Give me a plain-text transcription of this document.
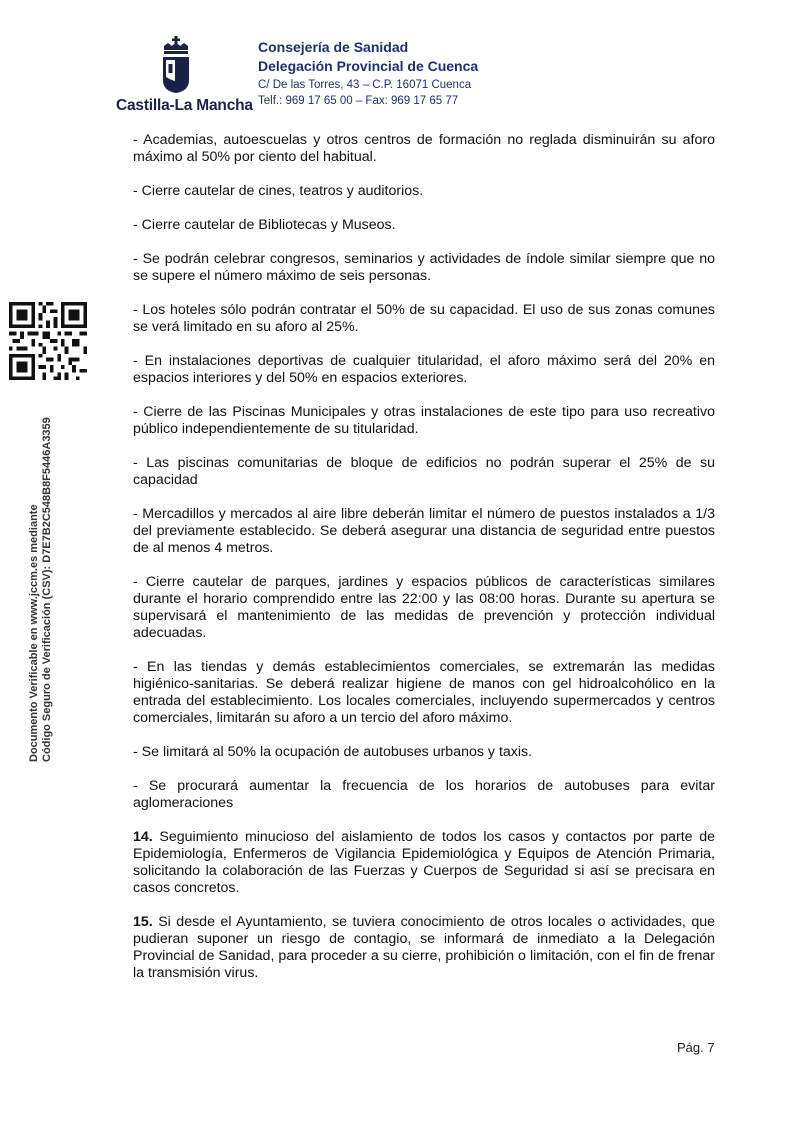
Castilla-La Mancha
Consejería de Sanidad
Delegación Provincial de Cuenca
C/ De las Torres, 43 – C.P. 16071 Cuenca
Telf.: 969 17 65 00 – Fax: 969 17 65 77
Documento Verificable en www.jccm.es mediante Código Seguro de Verificación (CSV): D7E7B2C548B8F5446A3359

- Academias, autoescuelas y otros centros de formación no reglada disminuirán su aforo máximo al 50% por ciento del habitual.

- Cierre cautelar de cines, teatros y auditorios.

- Cierre cautelar de Bibliotecas y Museos.

- Se podrán celebrar congresos, seminarios y actividades de índole similar siempre que no se supere el número máximo de seis personas.

- Los hoteles sólo podrán contratar el 50% de su capacidad. El uso de sus zonas comunes se verá limitado en su aforo al 25%.

- En instalaciones deportivas de cualquier titularidad, el aforo máximo será del 20% en espacios interiores y del 50% en espacios exteriores.

- Cierre de las Piscinas Municipales y otras instalaciones de este tipo para uso recreativo público independientemente de su titularidad.

- Las piscinas comunitarias de bloque de edificios no podrán superar el 25% de su capacidad

- Mercadillos y mercados al aire libre deberán limitar el número de puestos instalados a 1/3 del previamente establecido. Se deberá asegurar una distancia de seguridad entre puestos de al menos 4 metros.

- Cierre cautelar de parques, jardines y espacios públicos de características similares durante el horario comprendido entre las 22:00 y las 08:00 horas. Durante su apertura se supervisará el mantenimiento de las medidas de prevención y protección individual adecuadas.

- En las tiendas y demás establecimientos comerciales, se extremarán las medidas higiénico-sanitarias. Se deberá realizar higiene de manos con gel hidroalcohólico en la entrada del establecimiento. Los locales comerciales, incluyendo supermercados y centros comerciales, limitarán su aforo a un tercio del aforo máximo.

- Se limitará al 50% la ocupación de autobuses urbanos y taxis.

- Se procurará aumentar la frecuencia de los horarios de autobuses para evitar aglomeraciones

14. Seguimiento minucioso del aislamiento de todos los casos y contactos por parte de Epidemiología, Enfermeros de Vigilancia Epidemiológica y Equipos de Atención Primaria, solicitando la colaboración de las Fuerzas y Cuerpos de Seguridad si así se precisara en casos concretos.

15. Si desde el Ayuntamiento, se tuviera conocimiento de otros locales o actividades, que pudieran suponer un riesgo de contagio, se informará de inmediato a la Delegación Provincial de Sanidad, para proceder a su cierre, prohibición o limitación, con el fin de frenar la transmisión virus.

Pág. 7
